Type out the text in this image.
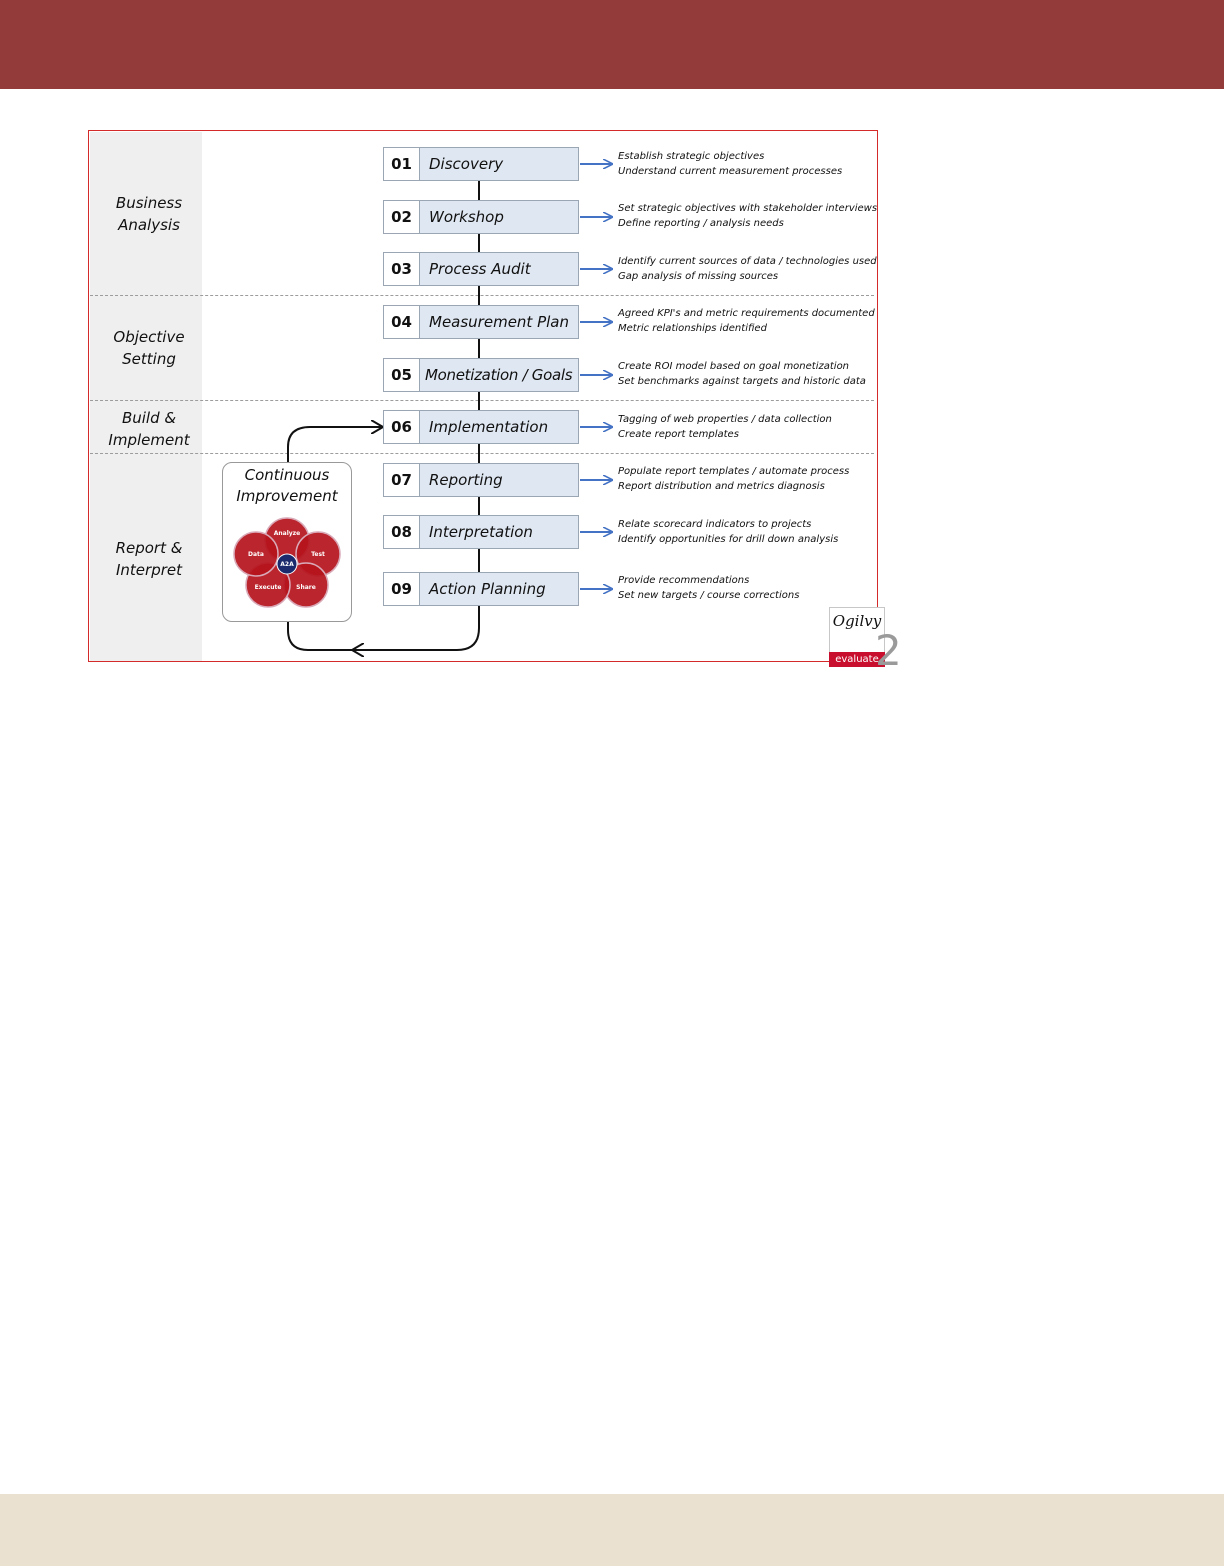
Business
Analysis
Objective
Setting
Build &
Implement
Report &
Interpret
Continuous
Improvement
Analyze
Test
Share
Execute
Data
A2A
01	Discovery
02	Workshop
03	Process Audit
04	Measurement Plan
05 Monetization / Goals
06	Implementation
07	Reporting
08	Interpretation
09	Action Planning
Establish strategic objectives
Understand current measurement processes
Set strategic objectives with stakeholder interviews
Define reporting / analysis needs
Identify current sources of data / technologies used
Gap analysis of missing sources
Agreed KPI's and metric requirements documented
Metric relationships identified
Create ROI model based on goal monetization
Set benchmarks against targets and historic data
Tagging of web properties / data collection
Create report templates
Populate report templates / automate process
Report distribution and metrics diagnosis
Relate scorecard indicators to projects
Identify opportunities for drill down analysis
Provide recommendations
Set new targets / course corrections
Ogilvy
evaluate
2
